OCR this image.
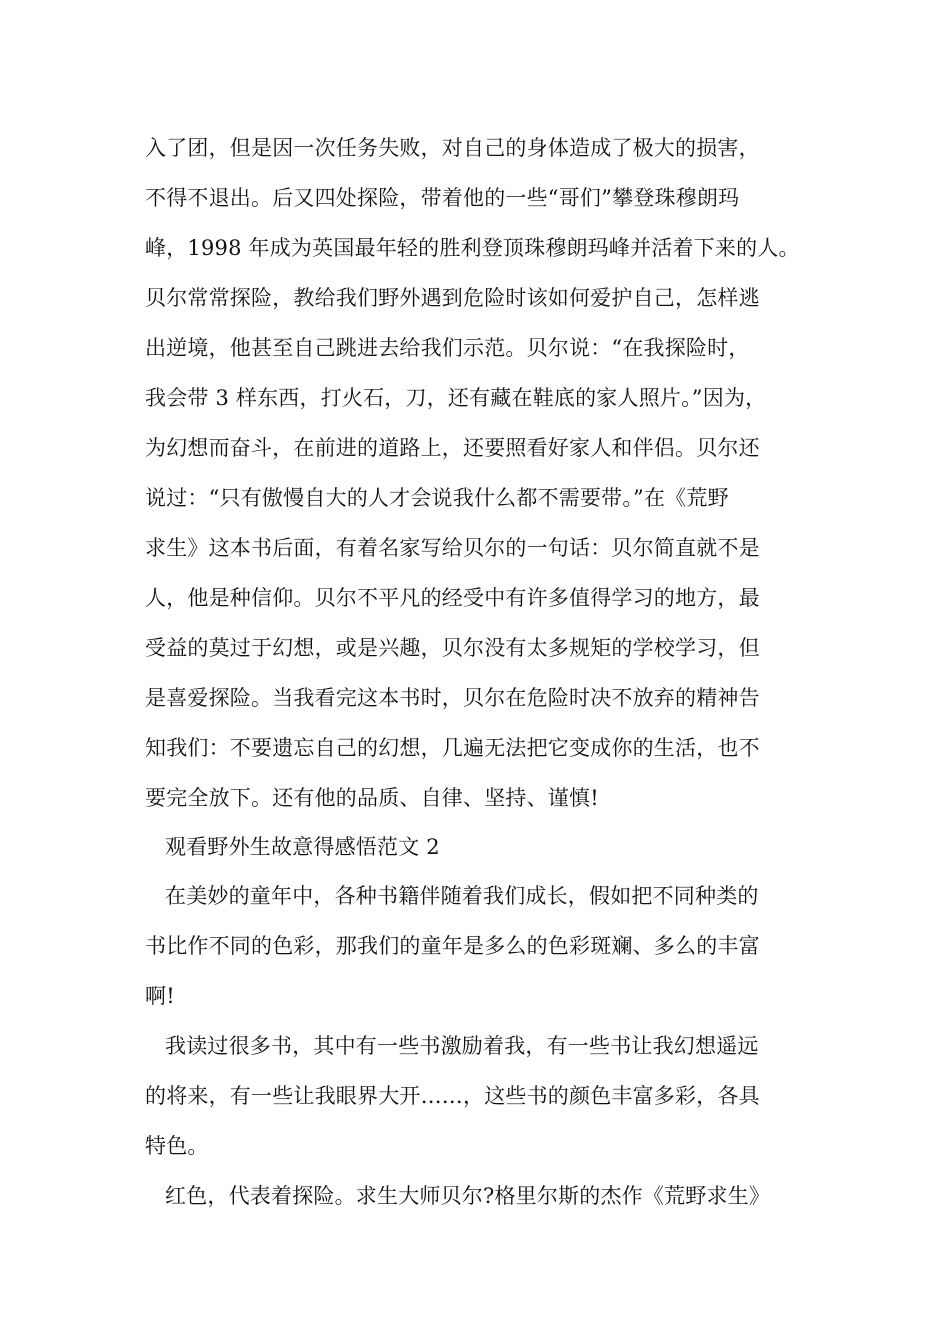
入了团，但是因一次任务失败，对自己的身体造成了极大的损害，
不得不退出。后又四处探险，带着他的一些“哥们”攀登珠穆朗玛
峰，1998 年成为英国最年轻的胜利登顶珠穆朗玛峰并活着下来的人。
贝尔常常探险，教给我们野外遇到危险时该如何爱护自己，怎样逃
出逆境，他甚至自己跳进去给我们示范。贝尔说：“在我探险时，
我会带 3 样东西，打火石，刀，还有藏在鞋底的家人照片。”因为，
为幻想而奋斗，在前进的道路上，还要照看好家人和伴侣。贝尔还
说过：“只有傲慢自大的人才会说我什么都不需要带。”在《荒野
求生》这本书后面，有着名家写给贝尔的一句话：贝尔简直就不是
人，他是种信仰。贝尔不平凡的经受中有许多值得学习的地方，最
受益的莫过于幻想，或是兴趣，贝尔没有太多规矩的学校学习，但
是喜爱探险。当我看完这本书时，贝尔在危险时决不放弃的精神告
知我们：不要遗忘自己的幻想，几遍无法把它变成你的生活，也不
要完全放下。还有他的品质、自律、坚持、谨慎!
观看野外生故意得感悟范文 2
在美妙的童年中，各种书籍伴随着我们成长，假如把不同种类的
书比作不同的色彩，那我们的童年是多么的色彩斑斓、多么的丰富
啊!
我读过很多书，其中有一些书激励着我，有一些书让我幻想遥远
的将来，有一些让我眼界大开……，这些书的颜色丰富多彩，各具
特色。
红色，代表着探险。求生大师贝尔?格里尔斯的杰作《荒野求生》
